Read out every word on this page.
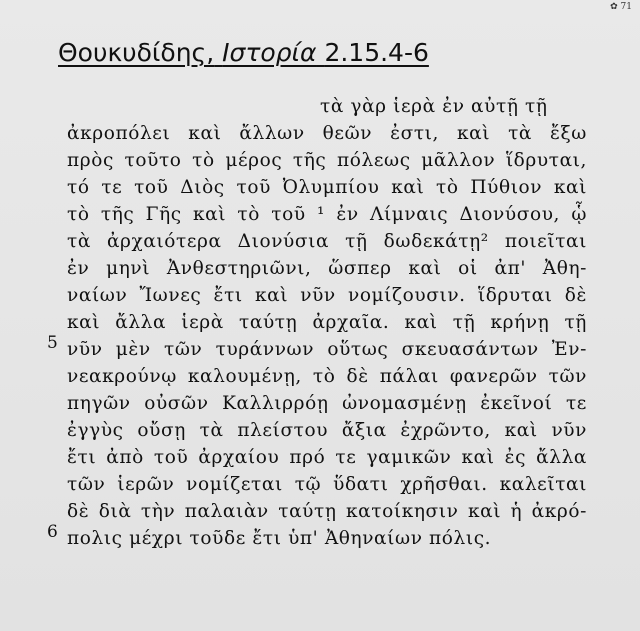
✿ 71
Θουκυδίδης, Ιστορία 2.15.4-6
5
6
τὰ γὰρ ἱερὰ ἐν αὐτῇ τῇ
ἀκροπόλει καὶ ἄλλων θεῶν ἐστι, καὶ τὰ ἔξω
πρὸς τοῦτο τὸ μέρος τῆς πόλεως μᾶλλον ἵδρυται,
τό τε τοῦ Διὸς τοῦ Ὀλυμπίου καὶ τὸ Πύθιον καὶ
τὸ τῆς Γῆς καὶ τὸ τοῦ ¹ ἐν Λίμναις Διονύσου, ᾧ
τὰ ἀρχαιότερα Διονύσια τῇ δωδεκάτῃ² ποιεῖται
ἐν μηνὶ Ἀνθεστηριῶνι, ὥσπερ καὶ οἱ ἀπ' Ἀθη-
ναίων Ἴωνες ἔτι καὶ νῦν νομίζουσιν. ἵδρυται δὲ
καὶ ἄλλα ἱερὰ ταύτῃ ἀρχαῖα. καὶ τῇ κρήνῃ τῇ
νῦν μὲν τῶν τυράννων οὕτως σκευασάντων Ἐν-
νεακρούνῳ καλουμένῃ, τὸ δὲ πάλαι φανερῶν τῶν
πηγῶν οὐσῶν Καλλιρρόῃ ὠνομασμένῃ ἐκεῖνοί τε
ἐγγὺς οὔσῃ τὰ πλείστου ἄξια ἐχρῶντο, καὶ νῦν
ἔτι ἀπὸ τοῦ ἀρχαίου πρό τε γαμικῶν καὶ ἐς ἄλλα
τῶν ἱερῶν νομίζεται τῷ ὕδατι χρῆσθαι. καλεῖται
δὲ διὰ τὴν παλαιὰν ταύτῃ κατοίκησιν καὶ ἡ ἀκρό-
πολις μέχρι τοῦδε ἔτι ὑπ' Ἀθηναίων πόλις.
